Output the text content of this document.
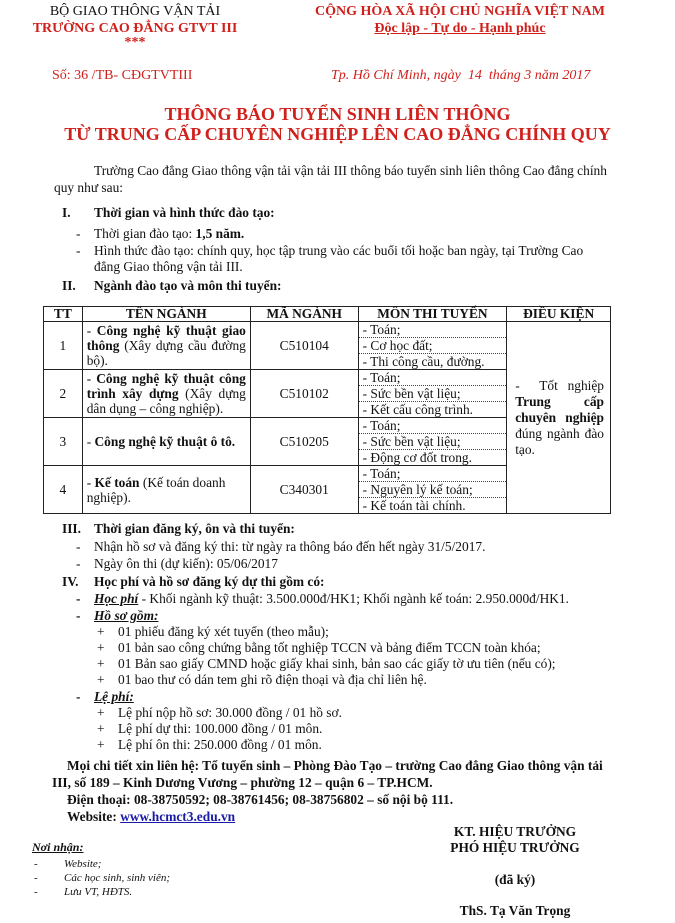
BỘ GIAO THÔNG VẬN TẢI
TRƯỜNG CAO ĐẲNG GTVT III
***
Số: 36 /TB- CĐGTVTIII
CỘNG HÒA XÃ HỘI CHỦ NGHĨA VIỆT NAM
Độc lập - Tự do - Hạnh phúc
Tp. Hồ Chí Minh, ngày  14  tháng 3 năm 2017
THÔNG BÁO TUYỂN SINH LIÊN THÔNG
TỪ TRUNG CẤP CHUYÊN NGHIỆP LÊN CAO ĐẲNG CHÍNH QUY
Trường Cao đẳng Giao thông vận tải vận tải III thông báo tuyển sinh liên thông Cao đẳng chính
quy như sau:
I. Thời gian và hình thức đào tạo:
- Thời gian đào tạo: 1,5 năm.
- Hình thức đào tạo: chính quy, học tập trung vào các buổi tối hoặc ban ngày, tại Trường Cao
đẳng Giao thông vận tải III.
II. Ngành đào tạo và môn thi tuyển:
TT	TÊN NGÀNH	MÃ NGÀNH	MÔN THI TUYỂN	ĐIỀU KIỆN
1	- Công nghệ kỹ thuật giao thông (Xây dựng cầu đường bộ).	C510104	- Toán;
- Cơ học đất;
- Thi công cầu, đường.	-  Tốt nghiệp Trung cấp chuyên nghiệp đúng ngành đào tạo.

2	- Công nghệ kỹ thuật công trình xây dựng (Xây dựng dân dụng – công nghiệp).	C510102	- Toán;
- Sức bền vật liệu;
- Kết cấu công trình.	

3	- Công nghệ kỹ thuật ô tô.	C510205	- Toán;
- Sức bền vật liệu;
- Động cơ đốt trong.	

4	- Kế toán (Kế toán doanh nghiệp).	C340301	- Toán;
- Nguyên lý kế toán;
- Kế toán tài chính.	
III. Thời gian đăng ký, ôn và thi tuyển:
- Nhận hồ sơ và đăng ký thi: từ ngày ra thông báo đến hết ngày 31/5/2017.
- Ngày ôn thi (dự kiến): 05/06/2017
IV. Học phí và hồ sơ đăng ký dự thi gồm có:
- Học phí - Khối ngành kỹ thuật: 3.500.000đ/HK1; Khối ngành kế toán: 2.950.000đ/HK1.
- Hồ sơ gồm:
+ 01 phiếu đăng ký xét tuyển (theo mẫu);
+ 01 bản sao công chứng bằng tốt nghiệp TCCN và bảng điểm TCCN toàn khóa;
+ 01 Bản sao giấy CMND hoặc giấy khai sinh, bản sao các giấy tờ ưu tiên (nếu có);
+ 01 bao thư có dán tem ghi rõ điện thoại và địa chỉ liên hệ.
- Lệ phí:
+ Lệ phí nộp hồ sơ: 30.000 đồng / 01 hồ sơ.
+ Lệ phí dự thi: 100.000 đồng / 01 môn.
+ Lệ phí ôn thi: 250.000 đồng / 01 môn.
Mọi chi tiết xin liên hệ: Tổ tuyển sinh – Phòng Đào Tạo – trường Cao đẳng Giao thông vận tải
III, số 189 – Kinh Dương Vương – phường 12 – quận 6 – TP.HCM.
Điện thoại: 08-38750592; 08-38761456; 08-38756802 – số nội bộ 111.
Website: www.hcmct3.edu.vn
Nơi nhận:
- Website;
- Các học sinh, sinh viên;
- Lưu VT, HĐTS.
KT. HIỆU TRƯỞNG
PHÓ HIỆU TRƯỞNG
(đã ký)
ThS. Tạ Văn Trọng
